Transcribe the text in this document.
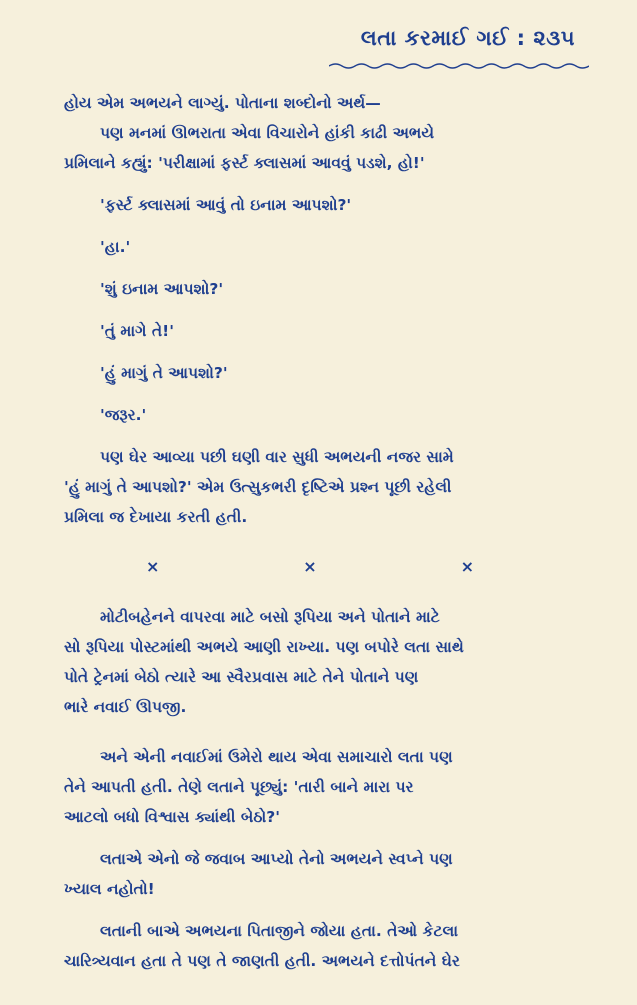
લતા કરમાઈ ગઈ : ૨૩૫
હોય એમ અભયને લાગ્યું. પોતાના શબ્દોનો અર્થ—
પણ મનમાં ઊભરાતા એવા વિચારોને હાંકી કાઢી અભયે
પ્રમિલાને કહ્યું: 'પરીક્ષામાં ફર્સ્ટ ક્લાસમાં આવવું પડશે, હો!'
'ફર્સ્ટ ક્લાસમાં આવું તો ઇનામ આપશો?'
'હા.'
'શું ઇનામ આપશો?'
'તું માગે તે!'
'હું માગું તે આપશો?'
'જરૂર.'
પણ ઘેર આવ્યા પછી ઘણી વાર સુધી અભયની નજર સામે
'હું માગું તે આપશો?' એમ ઉત્સુકભરી દૃષ્ટિએ પ્રશ્ન પૂછી રહેલી
પ્રમિલા જ દેખાયા કરતી હતી.
×	×	×
મોટીબહેનને વાપરવા માટે બસો રૂપિયા અને પોતાને માટે
સો રૂપિયા પોસ્ટમાંથી અભયે આણી રાખ્યા. પણ બપોરે લતા સાથે
પોતે ટ્રેનમાં બેઠો ત્યારે આ સ્વૈરપ્રવાસ માટે તેને પોતાને પણ
ભારે નવાઈ ઊપજી.
અને એની નવાઈમાં ઉમેરો થાય એવા સમાચારો લતા પણ
તેને આપતી હતી. તેણે લતાને પૂછ્યું: 'તારી બાને મારા પર
આટલો બધો વિશ્વાસ ક્યાંથી બેઠો?'
લતાએ એનો જે જવાબ આપ્યો તેનો અભયને સ્વપ્ને પણ
ખ્યાલ નહોતો!
લતાની બાએ અભયના પિતાજીને જોયા હતા. તેઓ કેટલા
ચારિત્ર્યવાન હતા તે પણ તે જાણતી હતી. અભયને દત્તોપંતને ઘેર
